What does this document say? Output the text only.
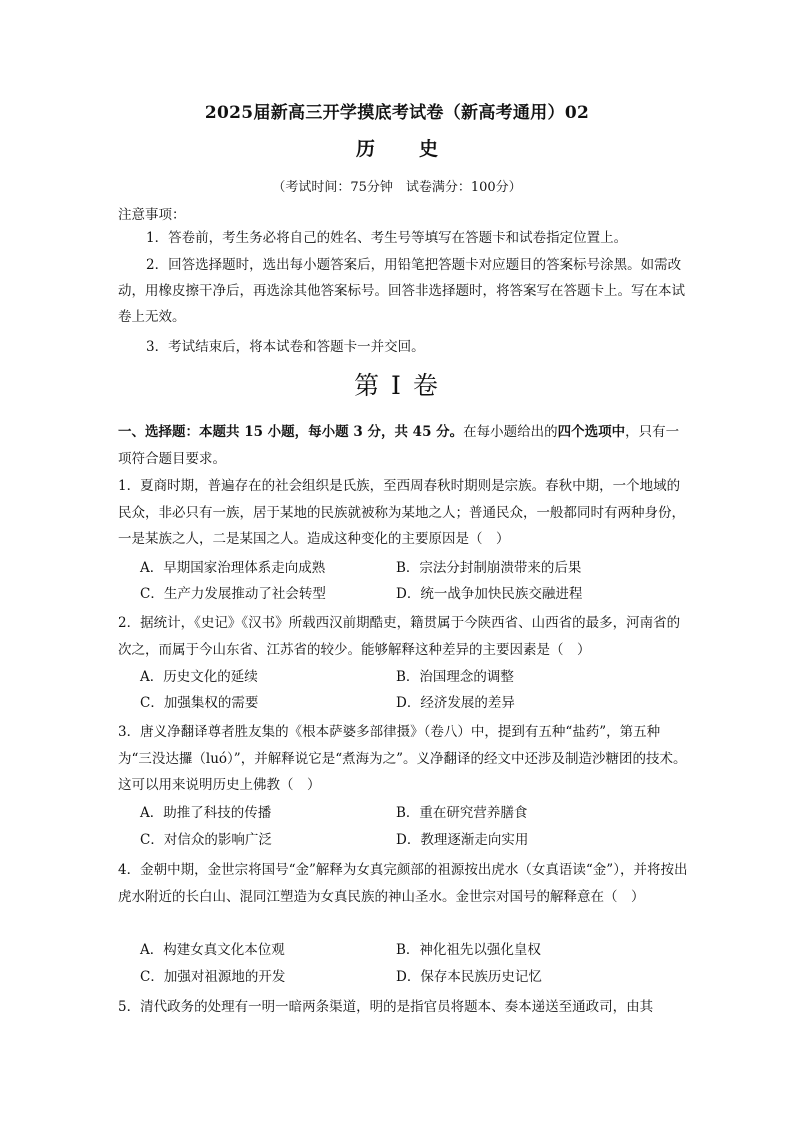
2025届新高三开学摸底考试卷（新高考通用）02
历史
（考试时间：75分钟　试卷满分：100分）
注意事项：

1．答卷前，考生务必将自己的姓名、考生号等填写在答题卡和试卷指定位置上。

2．回答选择题时，选出每小题答案后，用铅笔把答题卡对应题目的答案标号涂黑。如需改动，用橡皮擦干净后，再选涂其他答案标号。回答非选择题时，将答案写在答题卡上。写在本试卷上无效。

3．考试结束后，将本试卷和答题卡一并交回。

第 I 卷

一、选择题：本题共 15 小题，每小题 3 分，共 45 分。在每小题给出的四个选项中，只有一项符合题目要求。

1．夏商时期，普遍存在的社会组织是氏族，至西周春秋时期则是宗族。春秋中期，一个地域的民众，非必只有一族，居于某地的民族就被称为某地之人；普通民众，一般都同时有两种身份，一是某族之人，二是某国之人。造成这种变化的主要原因是（　）

A．早期国家治理体系走向成熟	B．宗法分封制崩溃带来的后果
C．生产力发展推动了社会转型	D．统一战争加快民族交融进程

2．据统计，《史记》《汉书》所载西汉前期酷吏，籍贯属于今陕西省、山西省的最多，河南省的次之，而属于今山东省、江苏省的较少。能够解释这种差异的主要因素是（　）

A．历史文化的延续	B．治国理念的调整
C．加强集权的需要	D．经济发展的差异

3．唐义净翻译尊者胜友集的《根本萨婆多部律摄》（卷八）中，提到有五种“盐药”，第五种为“三没达攞（luó）”，并解释说它是“煮海为之”。义净翻译的经文中还涉及制造沙糖团的技术。这可以用来说明历史上佛教（　）

A．助推了科技的传播	B．重在研究营养膳食
C．对信众的影响广泛	D．教理逐渐走向实用

4．金朝中期，金世宗将国号“金”解释为女真完颜部的祖源按出虎水（女真语读“金”），并将按出虎水附近的长白山、混同江塑造为女真民族的神山圣水。金世宗对国号的解释意在（　）

A．构建女真文化本位观	B．神化祖先以强化皇权
C．加强对祖源地的开发	D．保存本民族历史记忆

5．清代政务的处理有一明一暗两条渠道，明的是指官员将题本、奏本递送至通政司，由其
